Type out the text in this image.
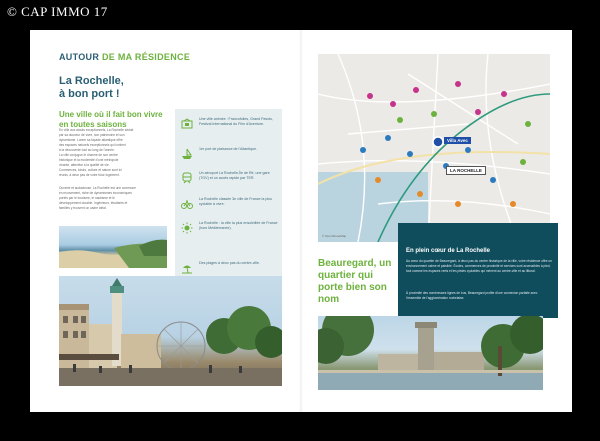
© CAP IMMO 17
AUTOUR DE MA RÉSIDENCE
La Rochelle,
à bon port !
Une ville où il fait bon vivre en toutes saisons
En ville aux atouts exceptionnels, La Rochelle séduit
par sa douceur de vivre, son patrimoine et son
dynamisme. Lorem sa façade atlantique offre
des espaces naturels exceptionnels qui invitent
à la découverte tout au long de l'année.
La ville conjugue le charme de son centre
historique et la modernité d'une métropole
vivante, attentive à la qualité de vie.
Commerces, loisirs, culture et nature sont ici
réunis, à deux pas de votre futur logement.
Ouverte et audacieuse, La Rochelle est une commune
en mouvement, riche de dynamismes économiques
portés par le tourisme, le nautisme et le
développement durable. Ingénieurs, étudiants et
familles y trouvent un cadre idéal.
Une ville animée : Francofolies, Grand Pavois, Festival International du Film d'Aventure.
1er port de plaisance de l'Atlantique.
Un aéroport La Rochelle-Île de Ré, une gare (TGV) et un accès rapide par TER.
La Rochelle classée 3e ville de France la plus cyclable à vivre.
La Rochelle : la ville la plus ensoleillée de France (hors Méditerranée).
Des plages à deux pas du centre-ville.
Villa Avec
LA ROCHELLE
© OpenStreetMap
Beauregard, un quartier qui porte bien son nom
En plein cœur de La Rochelle
Au cœur du quartier de Beauregard, à deux pas du centre historique de la ville, votre résidence offre un environnement calme et paisible. Écoles, commerces de proximité et services sont accessibles à pied, tout comme les espaces verts et les pistes cyclables qui mènent au centre-ville et au littoral.
À proximité des nombreuses lignes de bus, Beauregard profite d'une connexion parfaite avec l'ensemble de l'agglomération rochelaise.
